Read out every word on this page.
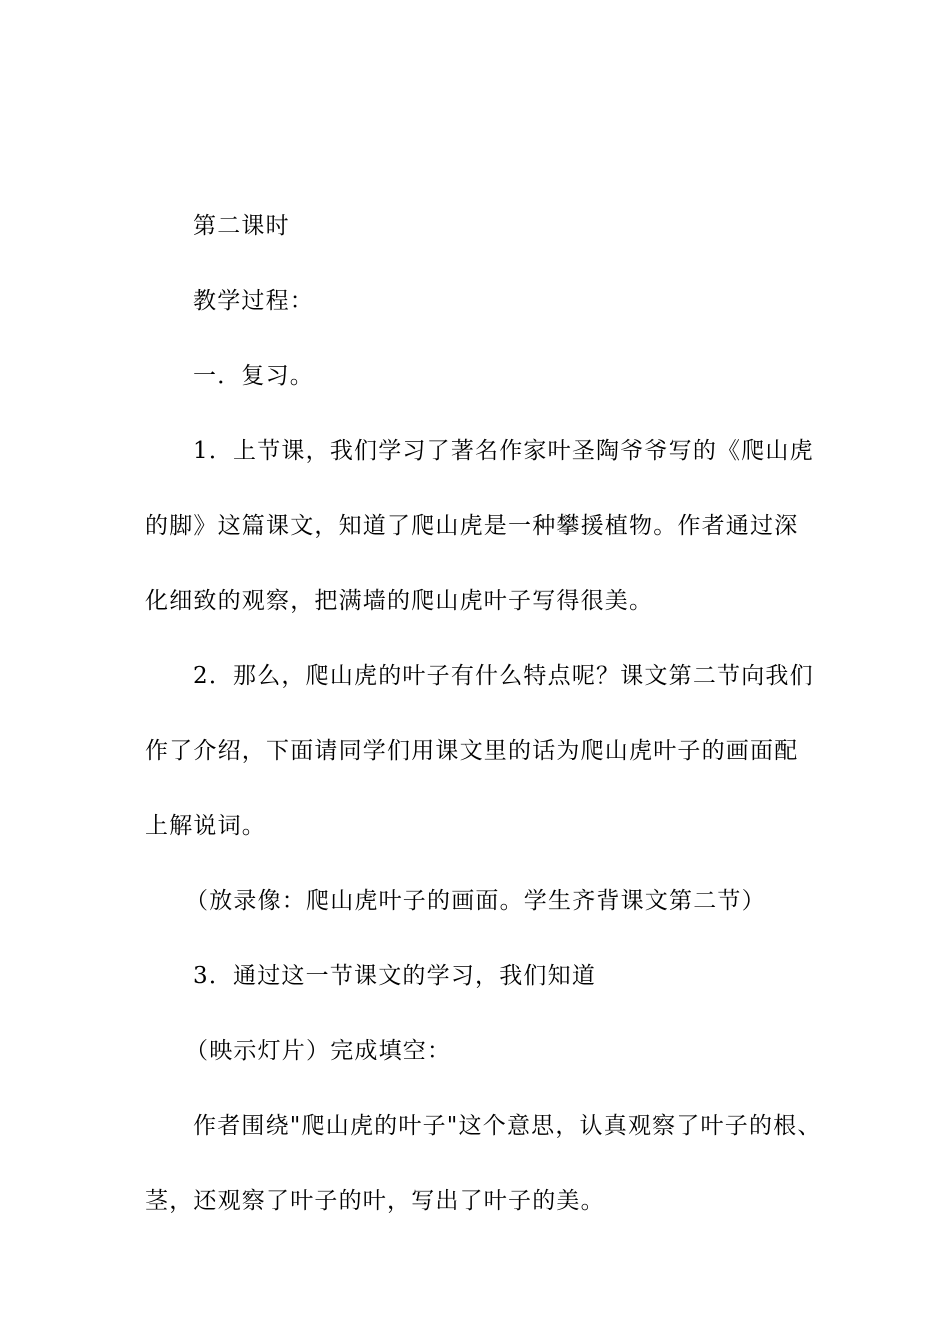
第二课时
教学过程：
一．复习。
1．上节课，我们学习了著名作家叶圣陶爷爷写的《爬山虎
的脚》这篇课文，知道了爬山虎是一种攀援植物。作者通过深
化细致的观察，把满墙的爬山虎叶子写得很美。
2．那么，爬山虎的叶子有什么特点呢？课文第二节向我们
作了介绍，下面请同学们用课文里的话为爬山虎叶子的画面配
上解说词。
（放录像：爬山虎叶子的画面。学生齐背课文第二节）
3．通过这一节课文的学习，我们知道
（映示灯片）完成填空：
作者围绕"爬山虎的叶子"这个意思，认真观察了叶子的根、
茎，还观察了叶子的叶，写出了叶子的美。
